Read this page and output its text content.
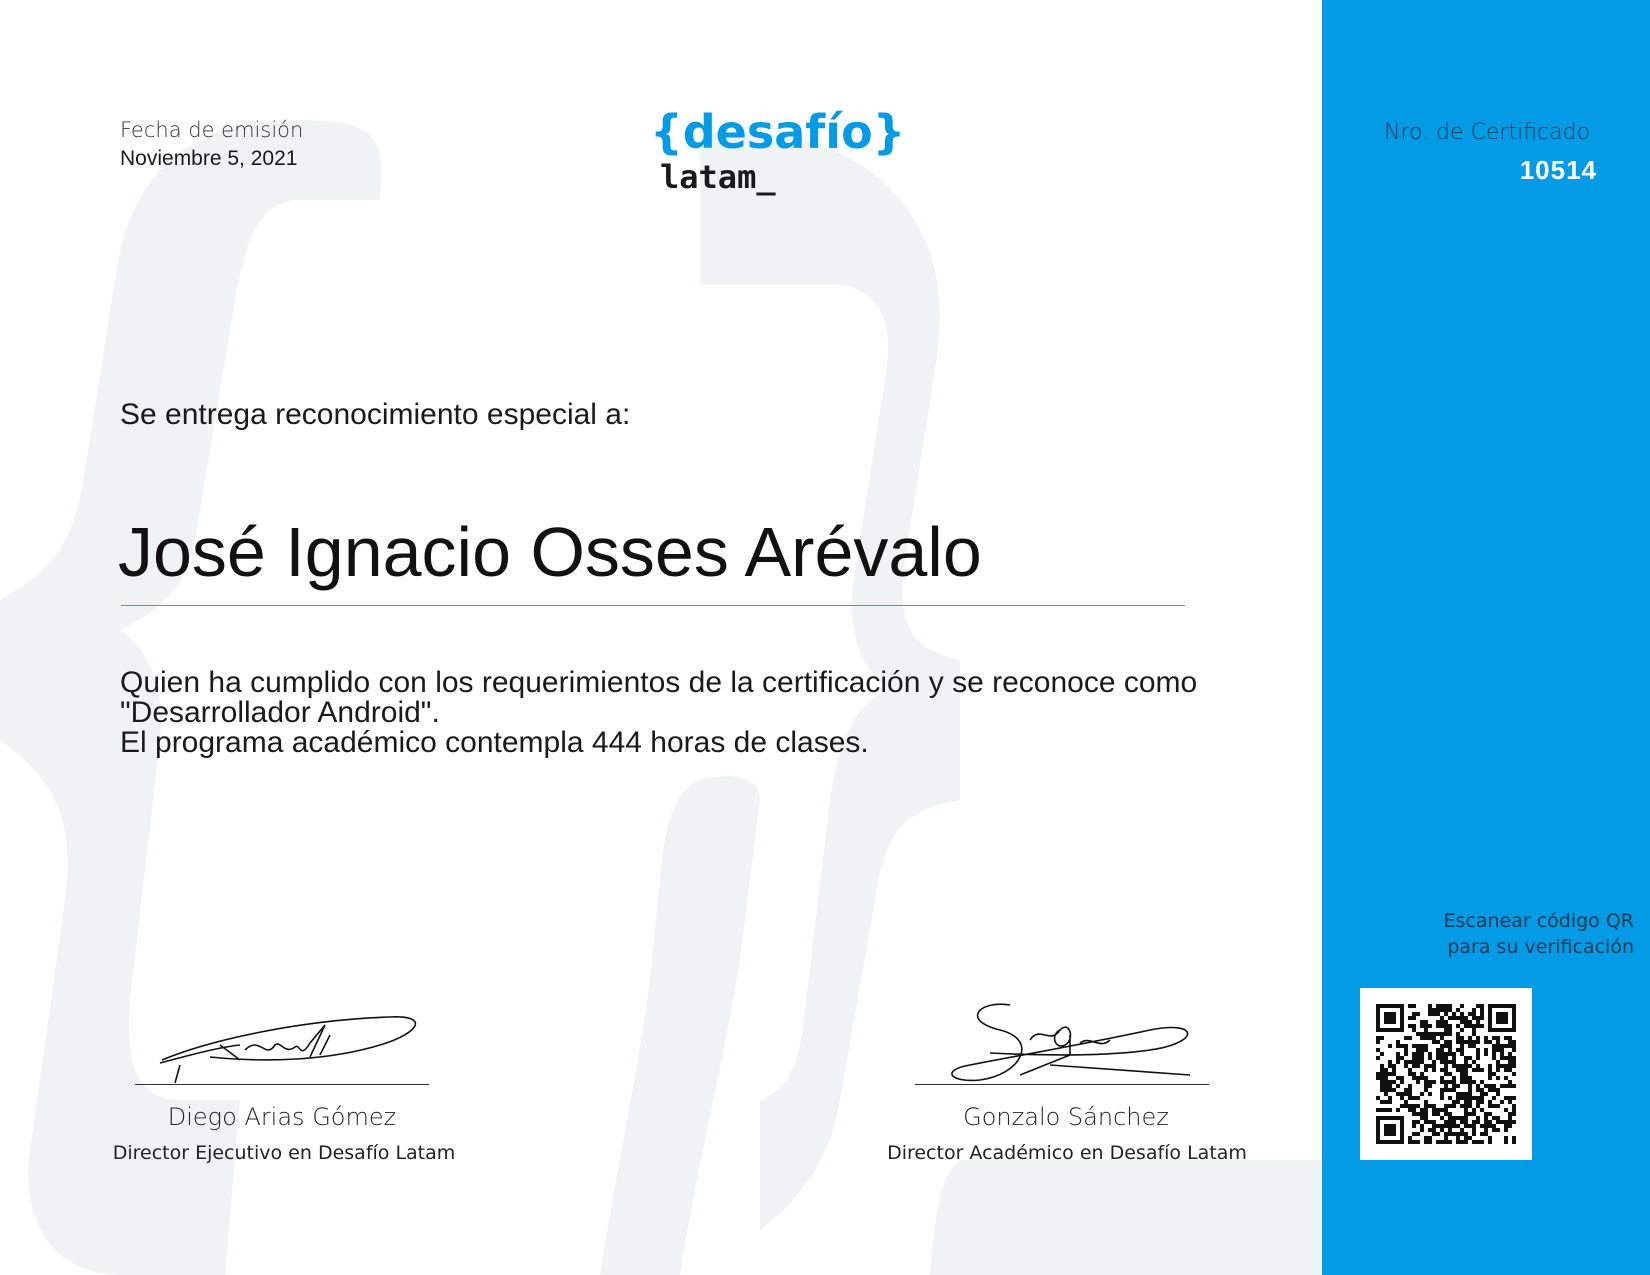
Fecha de emisión
Noviembre 5, 2021	{desafío}
latam_
Nro. de Certificado
10514
Se entrega reconocimiento especial a:
José Ignacio Osses Arévalo
Quien ha cumplido con los requerimientos de la certificación y se reconoce como
"Desarrollador Android".
El programa académico contempla 444 horas de clases.
Diego Arias Gómez
Director Ejecutivo en Desafío Latam
Gonzalo Sánchez
Director Académico en Desafío Latam
Escanear código QR
para su verificación
